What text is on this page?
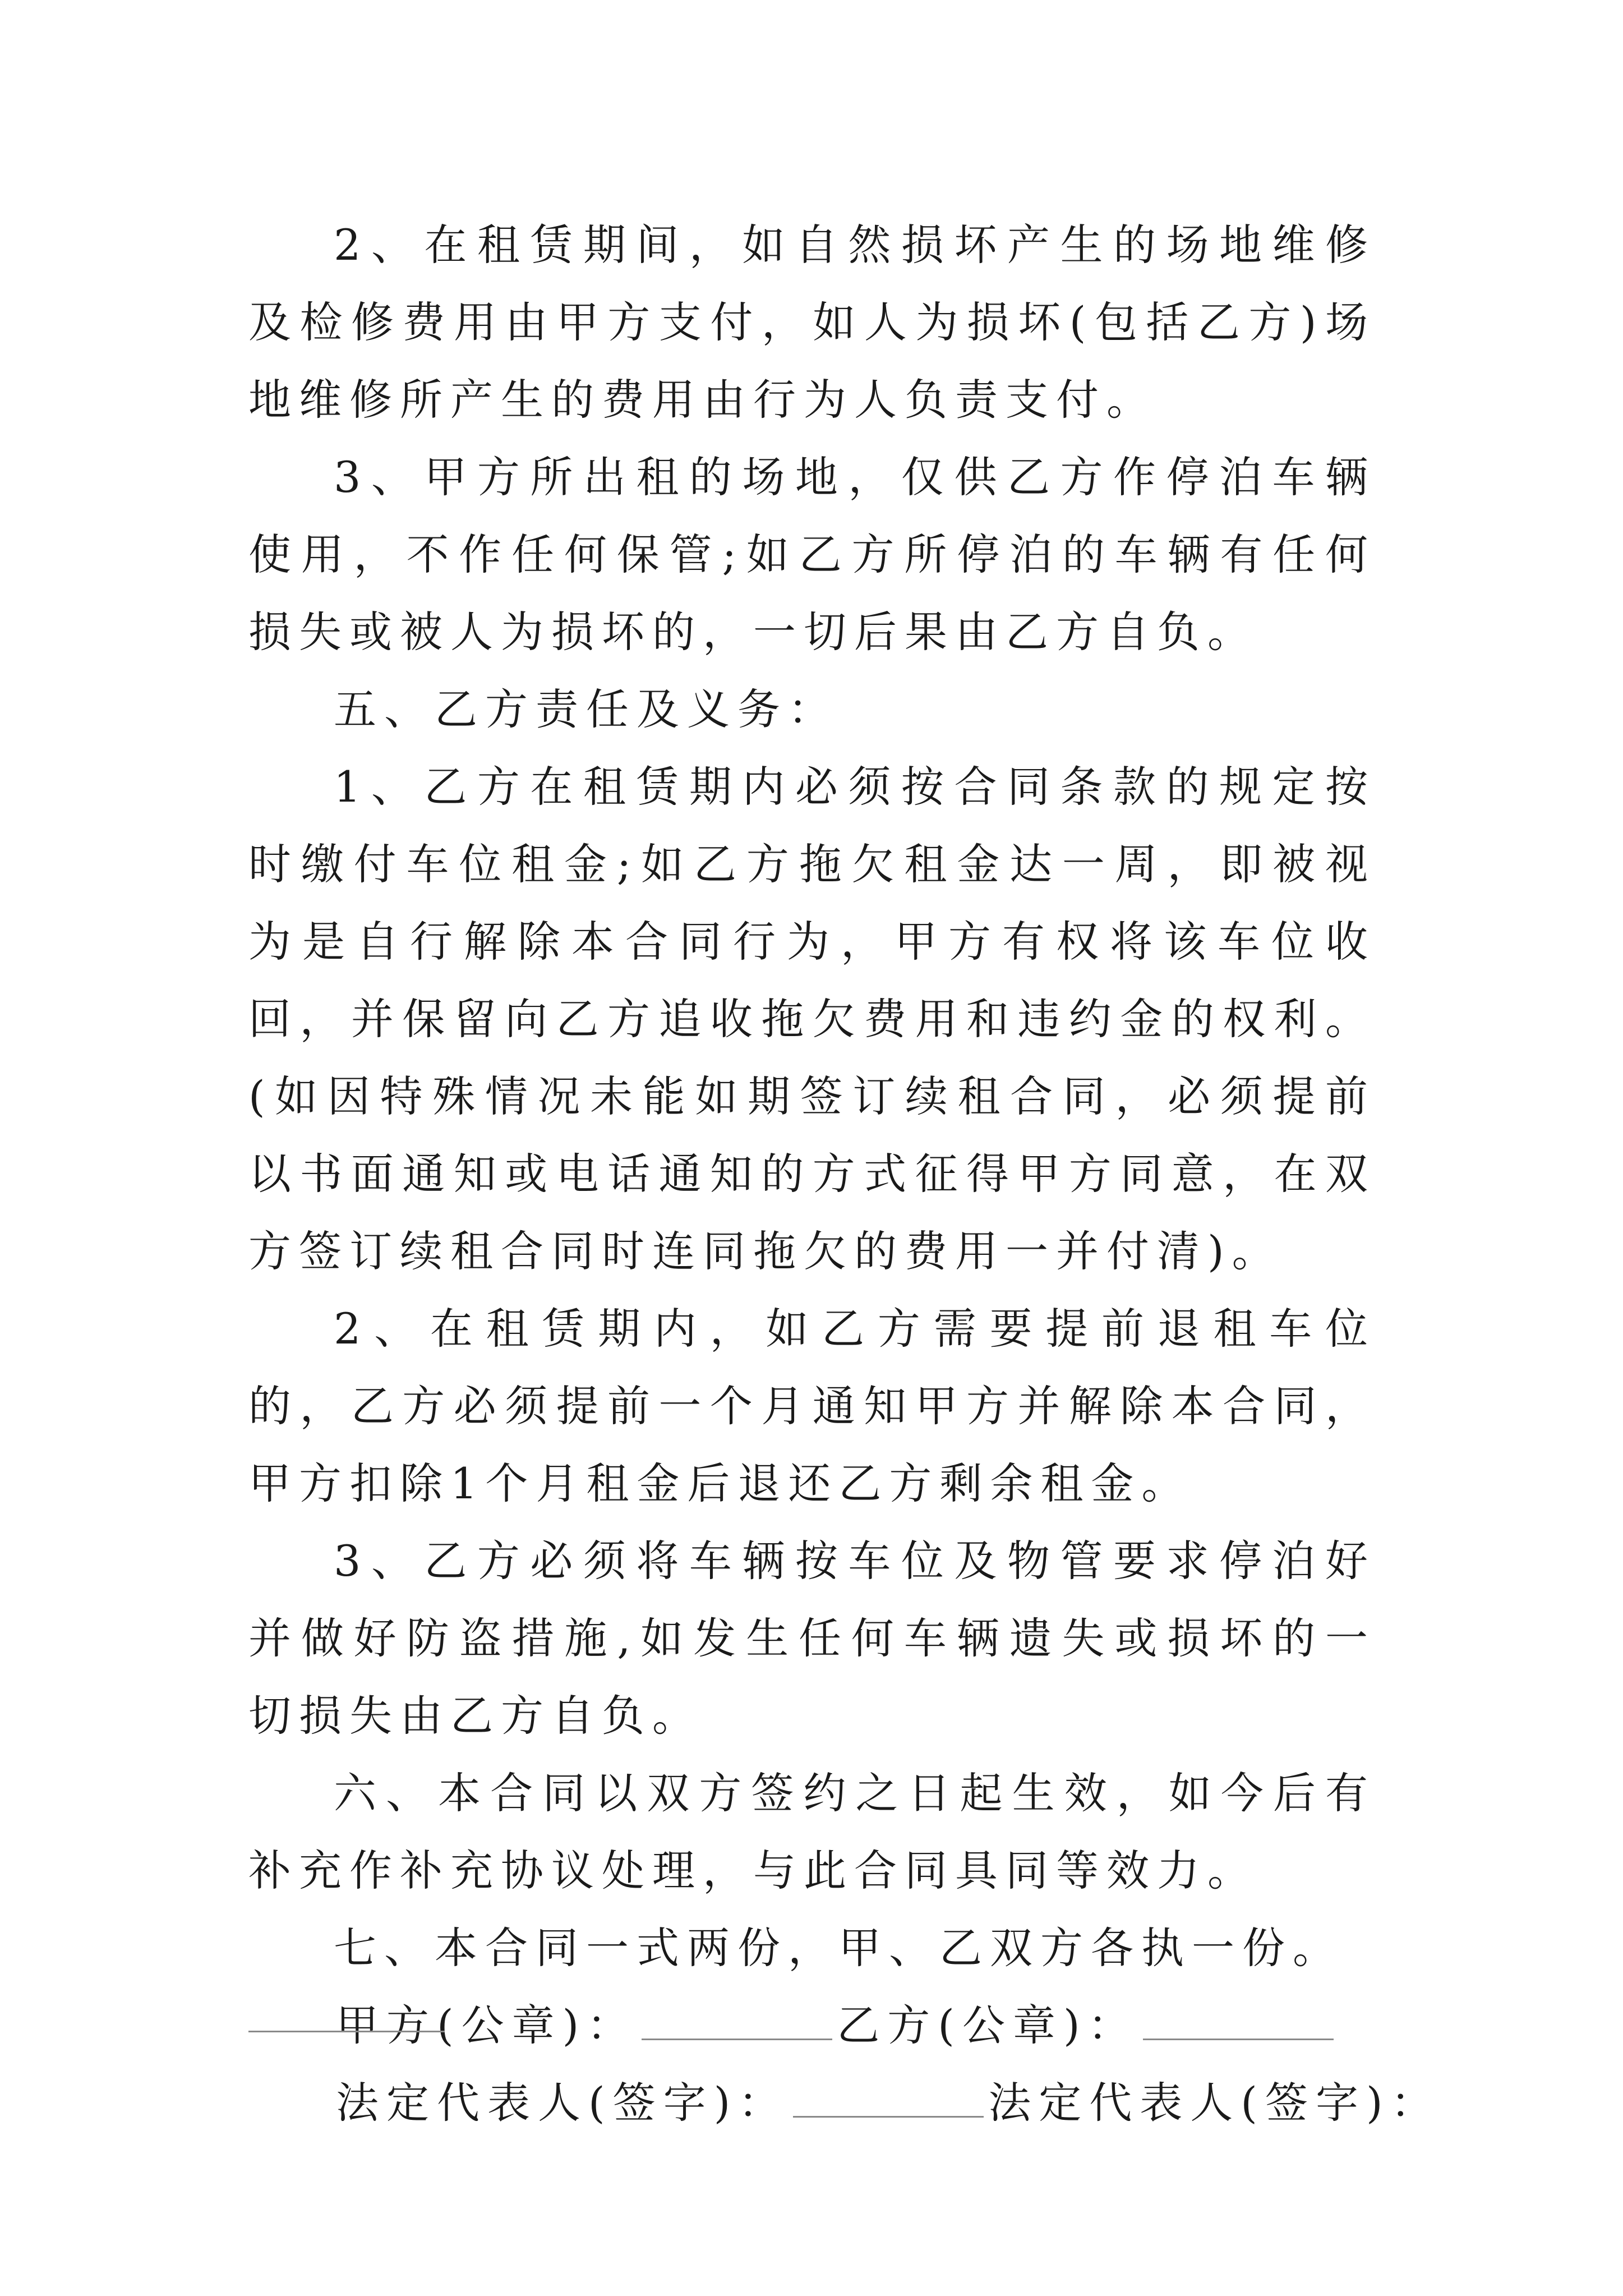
2、在租赁期间，如自然损坏产生的场地维修及检修费用由甲方支付，如人为损坏(包括乙方)场地维修所产生的费用由行为人负责支付。

3、甲方所出租的场地，仅供乙方作停泊车辆使用，不作任何保管;如乙方所停泊的车辆有任何损失或被人为损坏的，一切后果由乙方自负。

五、乙方责任及义务：

1、乙方在租赁期内必须按合同条款的规定按时缴付车位租金;如乙方拖欠租金达一周，即被视为是自行解除本合同行为，甲方有权将该车位收回，并保留向乙方追收拖欠费用和违约金的权利。(如因特殊情况未能如期签订续租合同，必须提前以书面通知或电话通知的方式征得甲方同意，在双方签订续租合同时连同拖欠的费用一并付清)。

2、在租赁期内，如乙方需要提前退租车位的，乙方必须提前一个月通知甲方并解除本合同，甲方扣除1个月租金后退还乙方剩余租金。

3、乙方必须将车辆按车位及物管要求停泊好并做好防盗措施,如发生任何车辆遗失或损坏的一切损失由乙方自负。

六、本合同以双方签约之日起生效，如今后有补充作补充协议处理，与此合同具同等效力。

七、本合同一式两份，甲、乙双方各执一份。

甲方(公章)：	乙方(公章)：

法定代表人(签字)：	法定代表人(签字)：
